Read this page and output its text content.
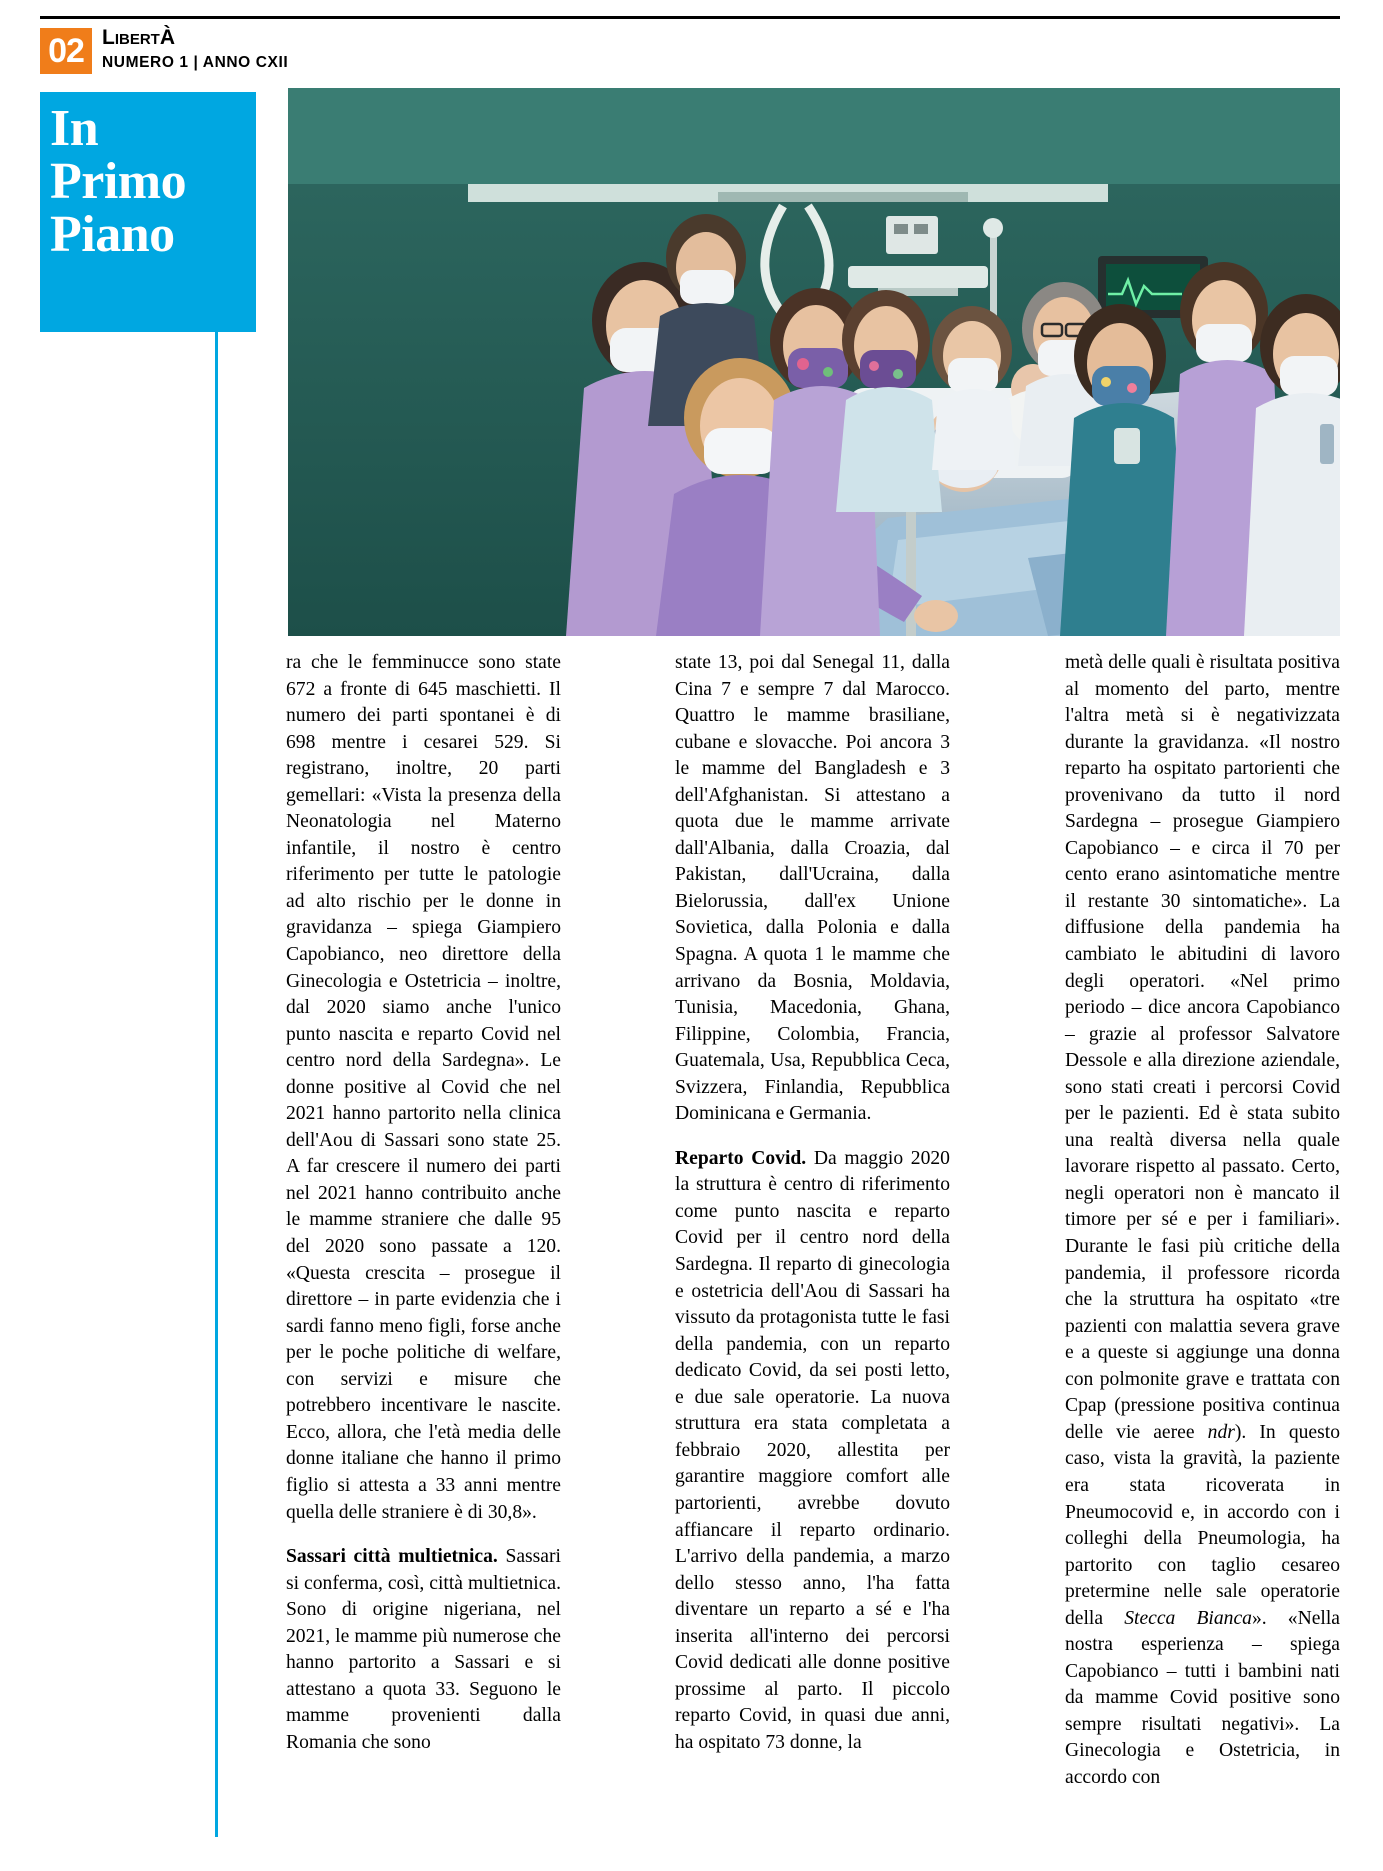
02 LIBERTÀ
NUMERO 1 | ANNO CXII
In
Primo
Piano

ra che le femminucce sono state 672 a fronte di 645 maschietti. Il numero dei parti spontanei è di 698 mentre i cesarei 529. Si registrano, inoltre, 20 parti gemellari: «Vista la presenza della Neonatologia nel Materno infantile, il nostro è centro riferimento per tutte le patologie ad alto rischio per le donne in gravidanza – spiega Giampiero Capobianco, neo direttore della Ginecologia e Ostetricia – inoltre, dal 2020 siamo anche l'unico punto nascita e reparto Covid nel centro nord della Sardegna». Le donne positive al Covid che nel 2021 hanno partorito nella clinica dell'Aou di Sassari sono state 25. A far crescere il numero dei parti nel 2021 hanno contribuito anche le mamme straniere che dalle 95 del 2020 sono passate a 120. «Questa crescita – prosegue il direttore – in parte evidenzia che i sardi fanno meno figli, forse anche per le poche politiche di welfare, con servizi e misure che potrebbero incentivare le nascite. Ecco, allora, che l'età media delle donne italiane che hanno il primo figlio si attesta a 33 anni mentre quella delle straniere è di 30,8».

Sassari città multietnica. Sassari si conferma, così, città multietnica. Sono di origine nigeriana, nel 2021, le mamme più numerose che hanno partorito a Sassari e si attestano a quota 33. Seguono le mamme provenienti dalla Romania che sono

state 13, poi dal Senegal 11, dalla Cina 7 e sempre 7 dal Marocco. Quattro le mamme brasiliane, cubane e slovacche. Poi ancora 3 le mamme del Bangladesh e 3 dell'Afghanistan. Si attestano a quota due le mamme arrivate dall'Albania, dalla Croazia, dal Pakistan, dall'Ucraina, dalla Bielorussia, dall'ex Unione Sovietica, dalla Polonia e dalla Spagna. A quota 1 le mamme che arrivano da Bosnia, Moldavia, Tunisia, Macedonia, Ghana, Filippine, Colombia, Francia, Guatemala, Usa, Repubblica Ceca, Svizzera, Finlandia, Repubblica Dominicana e Germania.

Reparto Covid. Da maggio 2020 la struttura è centro di riferimento come punto nascita e reparto Covid per il centro nord della Sardegna. Il reparto di ginecologia e ostetricia dell'Aou di Sassari ha vissuto da protagonista tutte le fasi della pandemia, con un reparto dedicato Covid, da sei posti letto, e due sale operatorie. La nuova struttura era stata completata a febbraio 2020, allestita per garantire maggiore comfort alle partorienti, avrebbe dovuto affiancare il reparto ordinario. L'arrivo della pandemia, a marzo dello stesso anno, l'ha fatta diventare un reparto a sé e l'ha inserita all'interno dei percorsi Covid dedicati alle donne positive prossime al parto. Il piccolo reparto Covid, in quasi due anni, ha ospitato 73 donne, la

metà delle quali è risultata positiva al momento del parto, mentre l'altra metà si è negativizzata durante la gravidanza. «Il nostro reparto ha ospitato partorienti che provenivano da tutto il nord Sardegna – prosegue Giampiero Capobianco – e circa il 70 per cento erano asintomatiche mentre il restante 30 sintomatiche». La diffusione della pandemia ha cambiato le abitudini di lavoro degli operatori. «Nel primo periodo – dice ancora Capobianco – grazie al professor Salvatore Dessole e alla direzione aziendale, sono stati creati i percorsi Covid per le pazienti. Ed è stata subito una realtà diversa nella quale lavorare rispetto al passato. Certo, negli operatori non è mancato il timore per sé e per i familiari». Durante le fasi più critiche della pandemia, il professore ricorda che la struttura ha ospitato «tre pazienti con malattia severa grave e a queste si aggiunge una donna con polmonite grave e trattata con Cpap (pressione positiva continua delle vie aeree ndr). In questo caso, vista la gravità, la paziente era stata ricoverata in Pneumocovid e, in accordo con i colleghi della Pneumologia, ha partorito con taglio cesareo pretermine nelle sale operatorie della Stecca Bianca». «Nella nostra esperienza – spiega Capobianco – tutti i bambini nati da mamme Covid positive sono sempre risultati negativi». La Ginecologia e Ostetricia, in accordo con
